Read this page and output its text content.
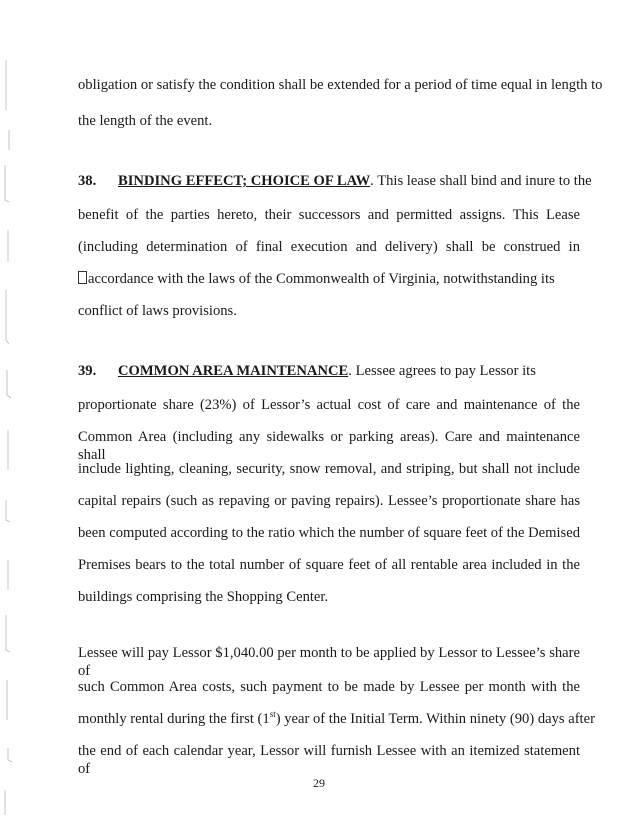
obligation or satisfy the condition shall be extended for a period of time equal in length to
the length of the event.
38. BINDING EFFECT; CHOICE OF LAW. This lease shall bind and inure to the
benefit of the parties hereto, their successors and permitted assigns. This Lease
(including determination of final execution and delivery) shall be construed in
accordance with the laws of the Commonwealth of Virginia, notwithstanding its
conflict of laws provisions.
39. COMMON AREA MAINTENANCE. Lessee agrees to pay Lessor its
proportionate share (23%) of Lessor’s actual cost of care and maintenance of the
Common Area (including any sidewalks or parking areas). Care and maintenance shall
include lighting, cleaning, security, snow removal, and striping, but shall not include
capital repairs (such as repaving or paving repairs). Lessee’s proportionate share has
been computed according to the ratio which the number of square feet of the Demised
Premises bears to the total number of square feet of all rentable area included in the
buildings comprising the Shopping Center.
Lessee will pay Lessor $1,040.00 per month to be applied by Lessor to Lessee’s share of
such Common Area costs, such payment to be made by Lessee per month with the
monthly rental during the first (1st) year of the Initial Term. Within ninety (90) days after
the end of each calendar year, Lessor will furnish Lessee with an itemized statement of
29
